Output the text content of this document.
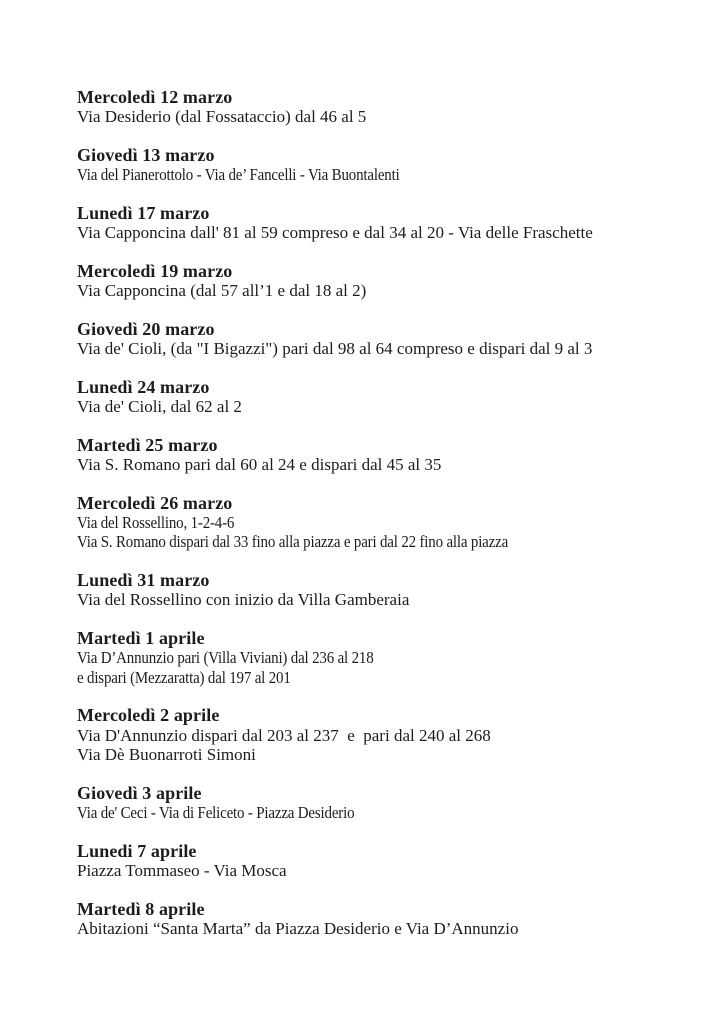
Mercoledì 12 marzo

Via Desiderio (dal Fossataccio) dal 46 al 5

Giovedì 13 marzo

Via del Pianerottolo - Via de’ Fancelli - Via Buontalenti

Lunedì 17 marzo

Via Capponcina dall' 81 al 59 compreso e dal 34 al 20 - Via delle Fraschette

Mercoledì 19 marzo

Via Capponcina (dal 57 all’1 e dal 18 al 2)

Giovedì 20 marzo

Via de' Cioli, (da "I Bigazzi") pari dal 98 al 64 compreso e dispari dal 9 al 3

Lunedì 24 marzo

Via de' Cioli, dal 62 al 2

Martedì 25 marzo

Via S. Romano pari dal 60 al 24 e dispari dal 45 al 35

Mercoledì 26 marzo

Via del Rossellino, 1-2-4-6

Via S. Romano dispari dal 33 fino alla piazza e pari dal 22 fino alla piazza

Lunedì 31 marzo

Via del Rossellino con inizio da Villa Gamberaia

Martedì 1 aprile

Via D’Annunzio pari (Villa Viviani) dal 236 al 218

e dispari (Mezzaratta) dal 197 al 201

Mercoledì 2 aprile

Via D'Annunzio dispari dal 203 al 237  e  pari dal 240 al 268

Via Dè Buonarroti Simoni

Giovedì 3 aprile

Via de' Ceci - Via di Feliceto - Piazza Desiderio

Lunedi 7 aprile

Piazza Tommaseo - Via Mosca

Martedì 8 aprile

Abitazioni “Santa Marta” da Piazza Desiderio e Via D’Annunzio
